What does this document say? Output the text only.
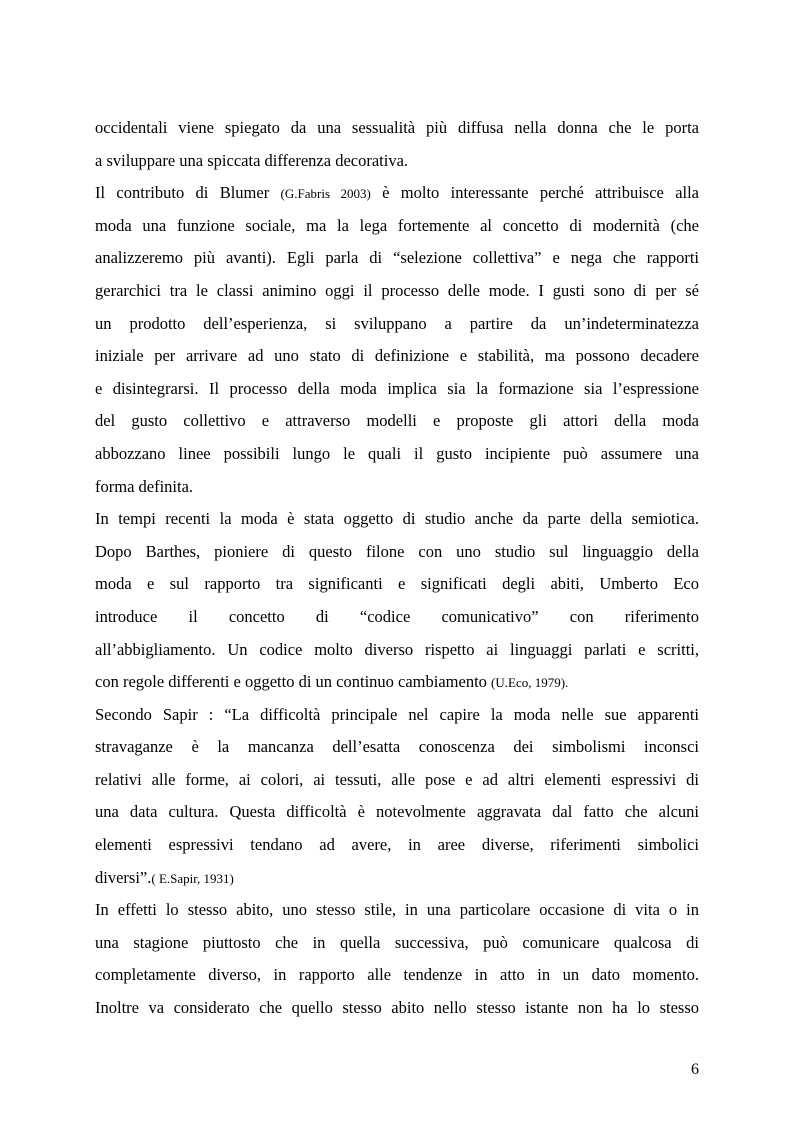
occidentali viene spiegato da una sessualità più diffusa nella donna che le porta
a sviluppare una spiccata differenza decorativa.
Il contributo di Blumer (G.Fabris 2003) è molto interessante perché attribuisce alla
moda una funzione sociale, ma la lega fortemente al concetto di modernità (che
analizzeremo più avanti). Egli parla di “selezione collettiva” e nega che rapporti
gerarchici tra le classi animino oggi il processo delle mode. I gusti sono di per sé
un prodotto dell’esperienza, si sviluppano a partire da un’indeterminatezza
iniziale per arrivare ad uno stato di definizione e stabilità, ma possono decadere
e disintegrarsi. Il processo della moda implica sia la formazione sia l’espressione
del gusto collettivo e attraverso modelli e proposte gli attori della moda
abbozzano linee possibili lungo le quali il gusto incipiente può assumere una
forma definita.
In tempi recenti la moda è stata oggetto di studio anche da parte della semiotica.
Dopo Barthes, pioniere di questo filone con uno studio sul linguaggio della
moda e sul rapporto tra significanti e significati degli abiti, Umberto Eco
introduce il concetto di “codice comunicativo” con riferimento
all’abbigliamento. Un codice molto diverso rispetto ai linguaggi parlati e scritti,
con regole differenti e oggetto di un continuo cambiamento (U.Eco, 1979).
Secondo Sapir : “La difficoltà principale nel capire la moda nelle sue apparenti
stravaganze è la mancanza dell’esatta conoscenza dei simbolismi inconsci
relativi alle forme, ai colori, ai tessuti, alle pose e ad altri elementi espressivi di
una data cultura. Questa difficoltà è notevolmente aggravata dal fatto che alcuni
elementi espressivi tendano ad avere, in aree diverse, riferimenti simbolici
diversi”.( E.Sapir, 1931)
In effetti lo stesso abito, uno stesso stile, in una particolare occasione di vita o in
una stagione piuttosto che in quella successiva, può comunicare qualcosa di
completamente diverso, in rapporto alle tendenze in atto in un dato momento.
Inoltre va considerato che quello stesso abito nello stesso istante non ha lo stesso
6
